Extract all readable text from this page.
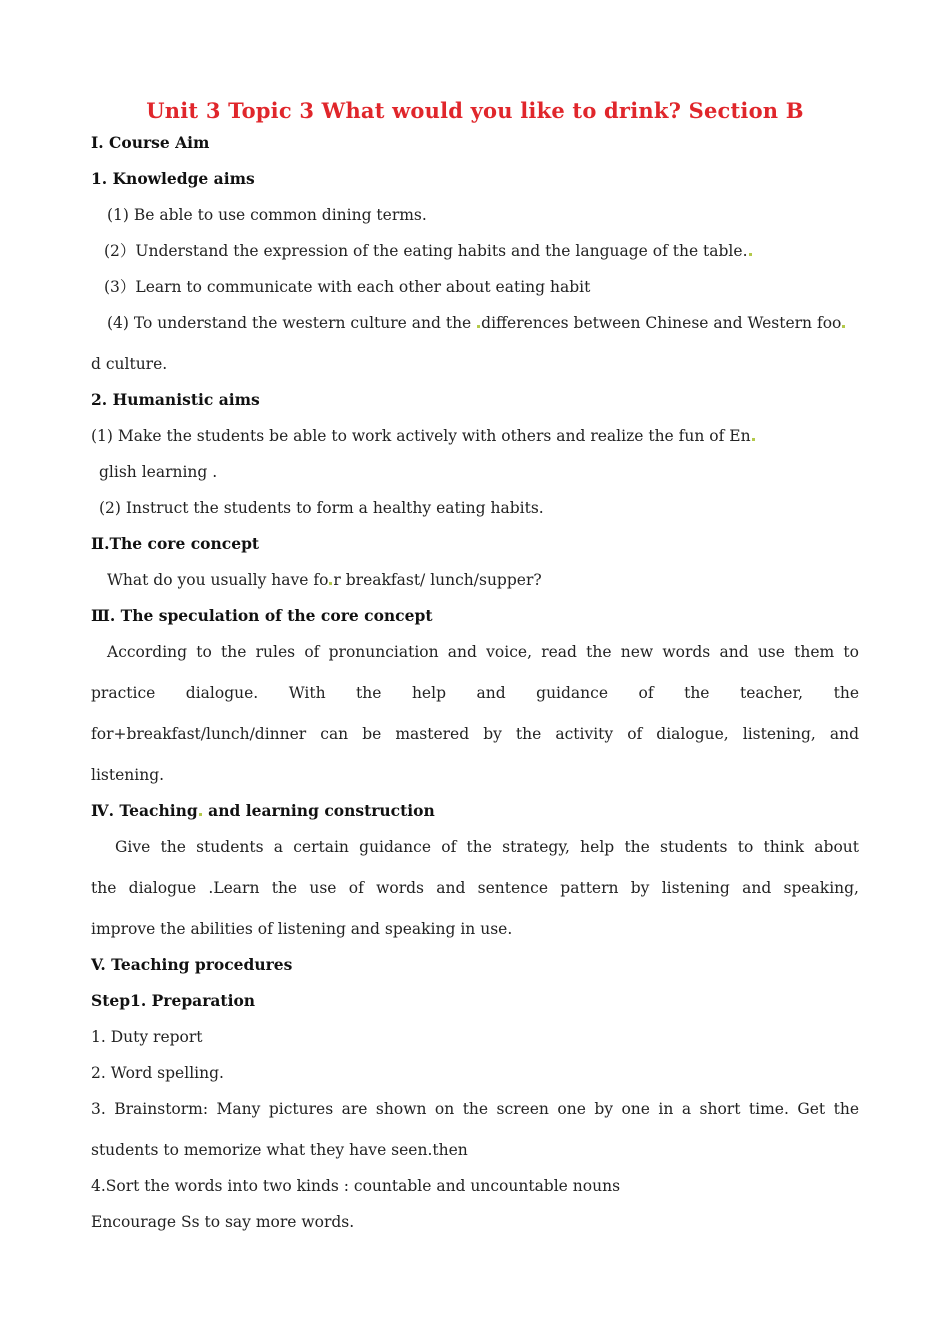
Unit 3 Topic 3 What would you like to drink? Section B
I. Course Aim
1. Knowledge aims
(1) Be able to use common dining terms.
(2）Understand the expression of the eating habits and the language of the table.
(3）Learn to communicate with each other about eating habit
(4) To understand the western culture and the differences between Chinese and Western foo
d culture.
2. Humanistic aims
(1) Make the students be able to work actively with others and realize the fun of En
glish learning .
(2) Instruct the students to form a healthy eating habits.
Ⅱ.The core concept
What do you usually have fo r breakfast/ lunch/supper?
Ⅲ. The speculation of the core concept
According to the rules of pronunciation and voice, read the new words and use them to
practice dialogue. With the help and guidance of the teacher, the
for+breakfast/lunch/dinner can be mastered by the activity of dialogue, listening, and
listening.
Ⅳ. Teaching and learning construction
Give the students a certain guidance of the strategy, help the students to think about
the dialogue .Learn the use of words and sentence pattern by listening and speaking,
improve the abilities of listening and speaking in use.
V. Teaching procedures
Step1. Preparation
1. Duty report
2. Word spelling.
3. Brainstorm: Many pictures are shown on the screen one by one in a short time. Get the
students to memorize what they have seen.then
4.Sort the words into two kinds : countable and uncountable nouns
Encourage Ss to say more words.
